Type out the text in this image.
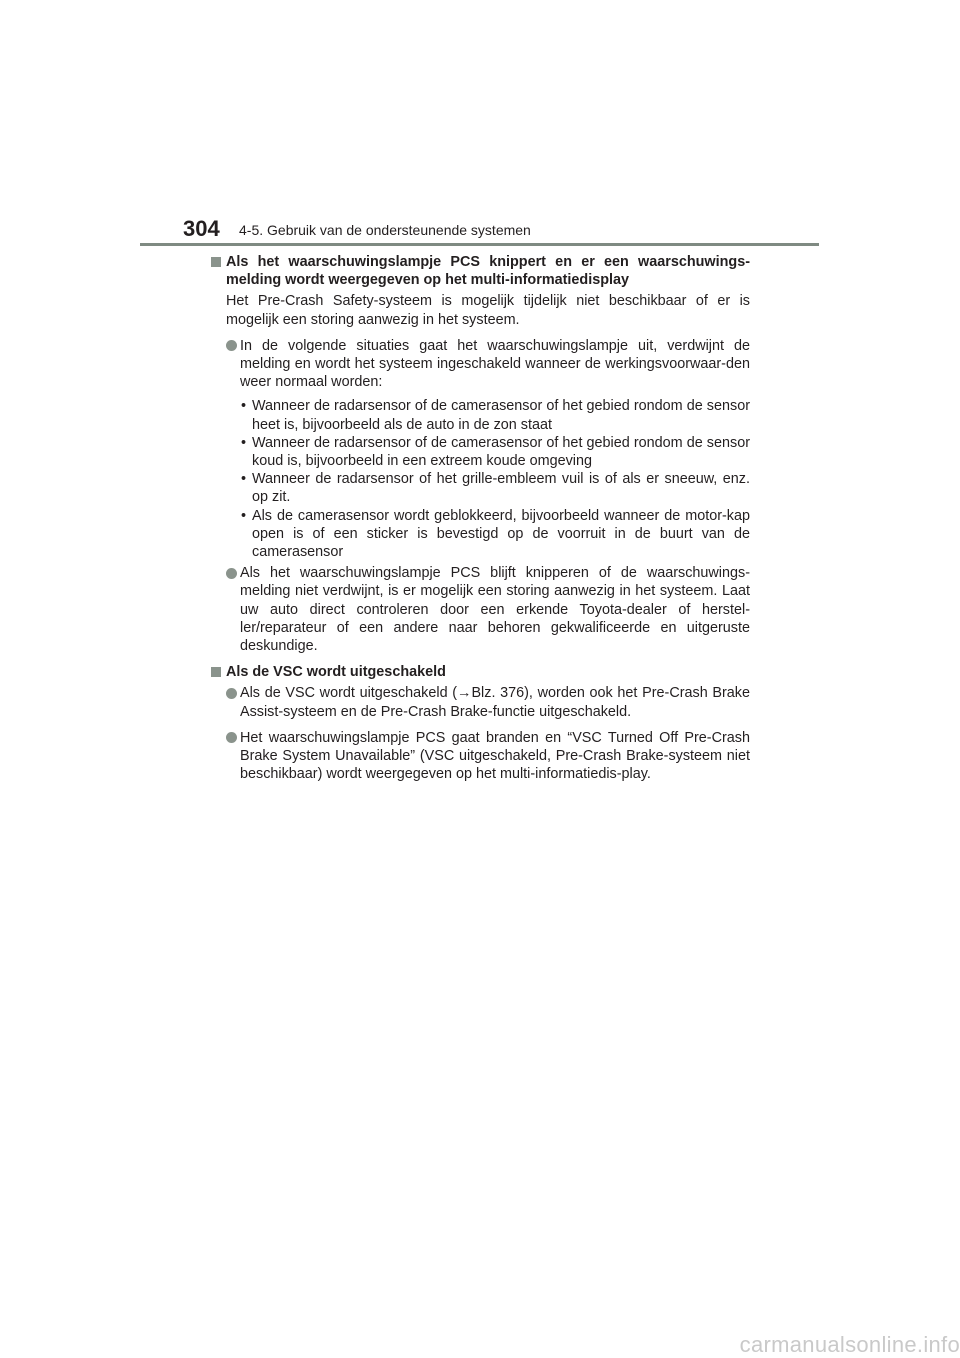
304 4-5. Gebruik van de ondersteunende systemen
Als het waarschuwingslampje PCS knippert en er een waarschuwings-melding wordt weergegeven op het multi-informatiedisplay

Het Pre-Crash Safety-systeem is mogelijk tijdelijk niet beschikbaar of er is mogelijk een storing aanwezig in het systeem.

In de volgende situaties gaat het waarschuwingslampje uit, verdwijnt de melding en wordt het systeem ingeschakeld wanneer de werkingsvoorwaar-den weer normaal worden:
• Wanneer de radarsensor of de camerasensor of het gebied rondom de sensor heet is, bijvoorbeeld als de auto in de zon staat
• Wanneer de radarsensor of de camerasensor of het gebied rondom de sensor koud is, bijvoorbeeld in een extreem koude omgeving
• Wanneer de radarsensor of het grille-embleem vuil is of als er sneeuw, enz. op zit.
• Als de camerasensor wordt geblokkeerd, bijvoorbeeld wanneer de motor-kap open is of een sticker is bevestigd op de voorruit in de buurt van de camerasensor
Als het waarschuwingslampje PCS blijft knipperen of de waarschuwings-melding niet verdwijnt, is er mogelijk een storing aanwezig in het systeem. Laat uw auto direct controleren door een erkende Toyota-dealer of herstel-ler/reparateur of een andere naar behoren gekwalificeerde en uitgeruste deskundige.
Als de VSC wordt uitgeschakeld
Als de VSC wordt uitgeschakeld (→Blz. 376), worden ook het Pre-Crash Brake Assist-systeem en de Pre-Crash Brake-functie uitgeschakeld.
Het waarschuwingslampje PCS gaat branden en “VSC Turned Off Pre-Crash Brake System Unavailable” (VSC uitgeschakeld, Pre-Crash Brake-systeem niet beschikbaar) wordt weergegeven op het multi-informatiedis-play.
carmanualsonline.info
